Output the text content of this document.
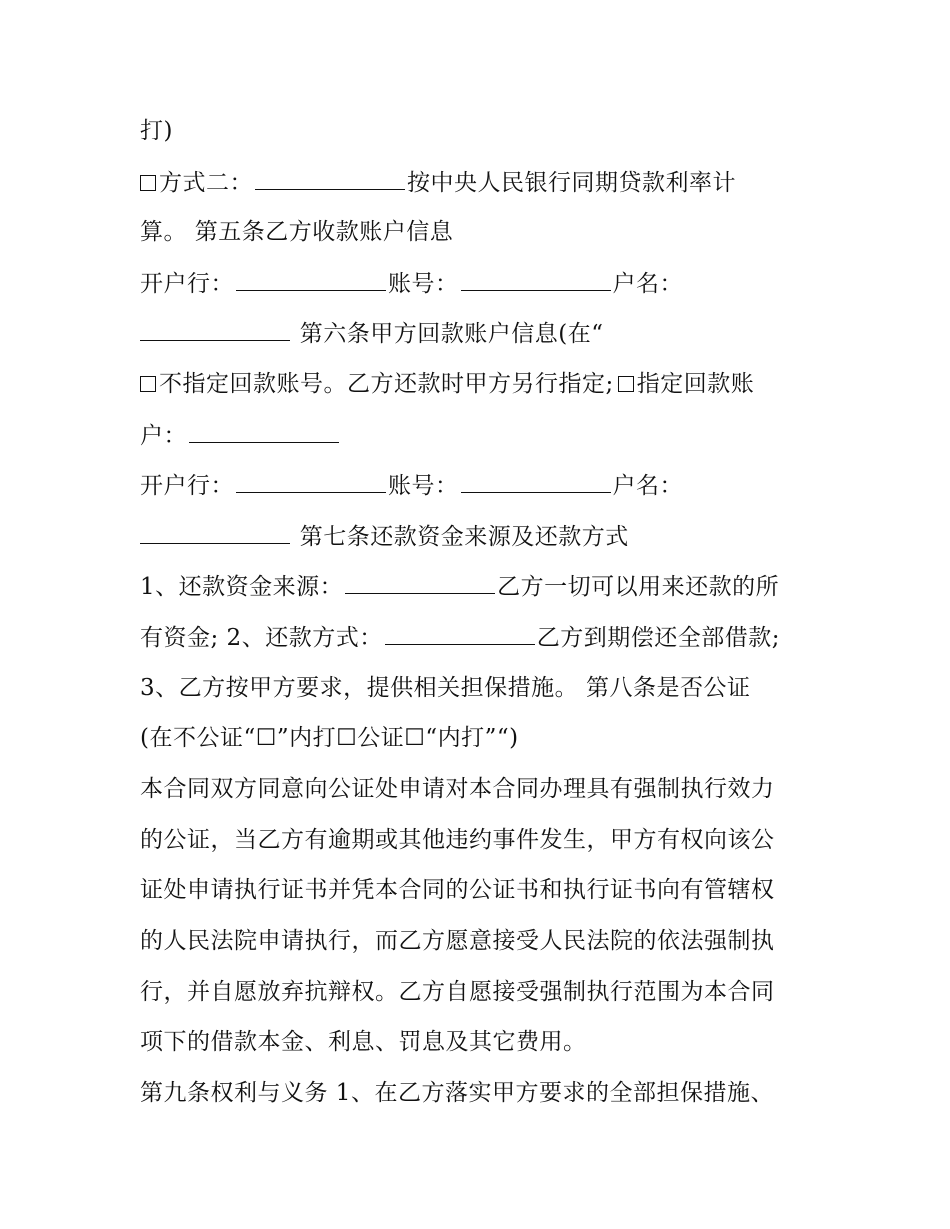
打)
方式二：	按中央人民银行同期贷款利率计
算。 第五条乙方收款账户信息
开户行：	账号：	户名：
第六条甲方回款账户信息(在“
不指定回款账号。乙方还款时甲方另行指定; 指定回款账
户：
开户行：	账号：	户名：
第七条还款资金来源及还款方式
1、还款资金来源：	乙方一切可以用来还款的所
有资金; 2、还款方式：	乙方到期偿还全部借款;
3、乙方按甲方要求，提供相关担保措施。 第八条是否公证
(在不公证“☐”内打☐公证☐“内打”“)
本合同双方同意向公证处申请对本合同办理具有强制执行效力
的公证，当乙方有逾期或其他违约事件发生，甲方有权向该公
证处申请执行证书并凭本合同的公证书和执行证书向有管辖权
的人民法院申请执行，而乙方愿意接受人民法院的依法强制执
行，并自愿放弃抗辩权。乙方自愿接受强制执行范围为本合同
项下的借款本金、利息、罚息及其它费用。
第九条权利与义务 1、在乙方落实甲方要求的全部担保措施、
